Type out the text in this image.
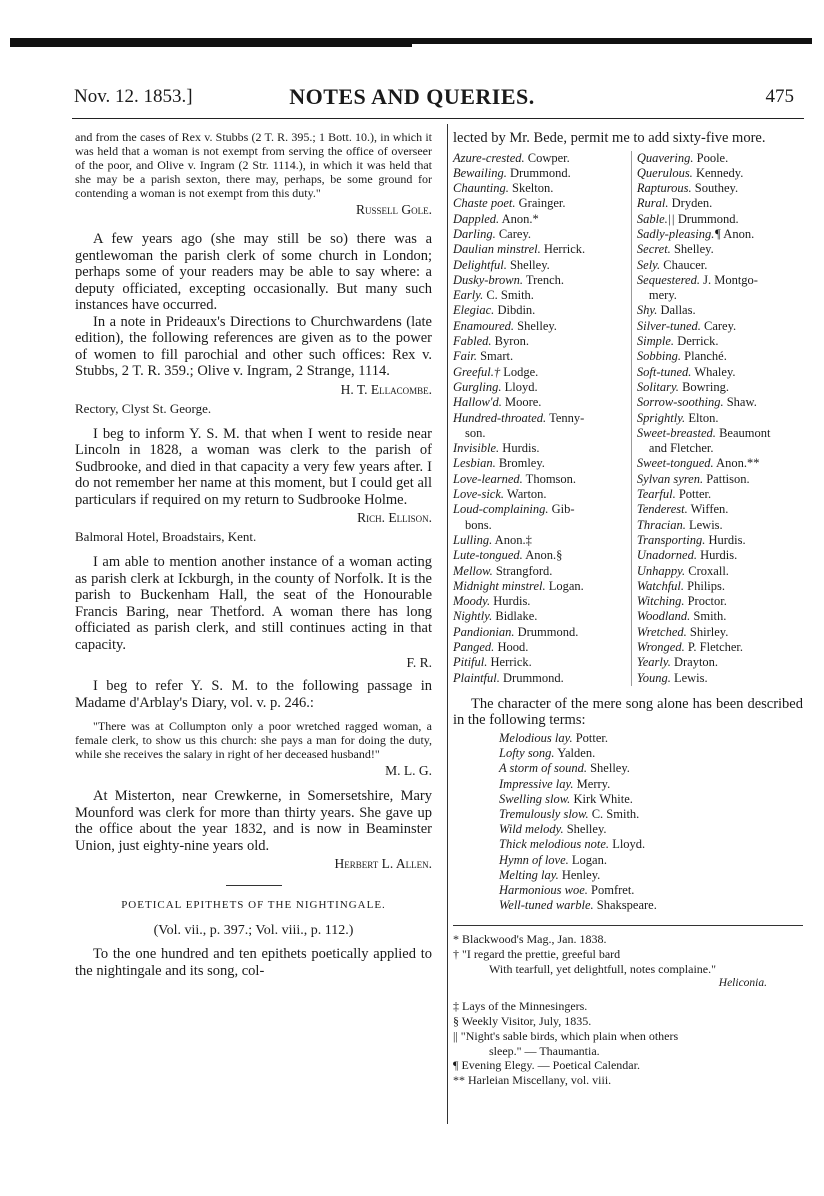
NOTES AND QUERIES.
Nov. 12. 1853.]	475

and from the cases of Rex v. Stubbs (2 T. R. 395.; 1 Bott. 10.), in which it was held that a woman is not exempt from serving the office of overseer of the poor, and Olive v. Ingram (2 Str. 1114.), in which it was held that she may be a parish sexton, there may, perhaps, be some ground for contending a woman is not exempt from this duty."

Russell Gole.

A few years ago (she may still be so) there was a gentlewoman the parish clerk of some church in London; perhaps some of your readers may be able to say where: a deputy officiated, excepting occasionally. But many such instances have occurred.

In a note in Prideaux's Directions to Churchwardens (late edition), the following references are given as to the power of women to fill parochial and other such offices: Rex v. Stubbs, 2 T. R. 359.; Olive v. Ingram, 2 Strange, 1114.

H. T. Ellacombe.
Rectory, Clyst St. George.

I beg to inform Y. S. M. that when I went to reside near Lincoln in 1828, a woman was clerk to the parish of Sudbrooke, and died in that capacity a very few years after. I do not remember her name at this moment, but I could get all particulars if required on my return to Sudbrooke Holme.

Rich. Ellison.
Balmoral Hotel, Broadstairs, Kent.

I am able to mention another instance of a woman acting as parish clerk at Ickburgh, in the county of Norfolk. It is the parish to Buckenham Hall, the seat of the Honourable Francis Baring, near Thetford. A woman there has long officiated as parish clerk, and still continues acting in that capacity.

F. R.

I beg to refer Y. S. M. to the following passage in Madame d'Arblay's Diary, vol. v. p. 246.:

"There was at Collumpton only a poor wretched ragged woman, a female clerk, to show us this church: she pays a man for doing the duty, while she receives the salary in right of her deceased husband!"

M. L. G.

At Misterton, near Crewkerne, in Somersetshire, Mary Mounford was clerk for more than thirty years. She gave up the office about the year 1832, and is now in Beaminster Union, just eighty-nine years old.

Herbert L. Allen.
POETICAL EPITHETS OF THE NIGHTINGALE.
(Vol. vii., p. 397.; Vol. viii., p. 112.)

To the one hundred and ten epithets poetically applied to the nightingale and its song, col-

lected by Mr. Bede, permit me to add sixty-five more.

Azure-crested. Cowper.
Bewailing. Drummond.
Chaunting. Skelton.
Chaste poet. Grainger.
Dappled. Anon.*
Darling. Carey.
Daulian minstrel. Herrick.
Delightful. Shelley.
Dusky-brown. Trench.
Early. C. Smith.
Elegiac. Dibdin.
Enamoured. Shelley.
Fabled. Byron.
Fair. Smart.
Greeful.† Lodge.
Gurgling. Lloyd.
Hallow'd. Moore.
Hundred-throated. Tenny-
son.
Invisible. Hurdis.
Lesbian. Bromley.
Love-learned. Thomson.
Love-sick. Warton.
Loud-complaining. Gib-
bons.
Lulling. Anon.‡
Lute-tongued. Anon.§
Mellow. Strangford.
Midnight minstrel. Logan.
Moody. Hurdis.
Nightly. Bidlake.
Pandionian. Drummond.
Panged. Hood.
Pitiful. Herrick.
Plaintful. Drummond.
Quavering. Poole.
Querulous. Kennedy.
Rapturous. Southey.
Rural. Dryden.
Sable.|| Drummond.
Sadly-pleasing.¶ Anon.
Secret. Shelley.
Sely. Chaucer.
Sequestered. J. Montgo-
mery.
Shy. Dallas.
Silver-tuned. Carey.
Simple. Derrick.
Sobbing. Planché.
Soft-tuned. Whaley.
Solitary. Bowring.
Sorrow-soothing. Shaw.
Sprightly. Elton.
Sweet-breasted. Beaumont
and Fletcher.
Sweet-tongued. Anon.**
Sylvan syren. Pattison.
Tearful. Potter.
Tenderest. Wiffen.
Thracian. Lewis.
Transporting. Hurdis.
Unadorned. Hurdis.
Unhappy. Croxall.
Watchful. Philips.
Witching. Proctor.
Woodland. Smith.
Wretched. Shirley.
Wronged. P. Fletcher.
Yearly. Drayton.
Young. Lewis.

The character of the mere song alone has been described in the following terms:

Melodious lay. Potter.
Lofty song. Yalden.
A storm of sound. Shelley.
Impressive lay. Merry.
Swelling slow. Kirk White.
Tremulously slow. C. Smith.
Wild melody. Shelley.
Thick melodious note. Lloyd.
Hymn of love. Logan.
Melting lay. Henley.
Harmonious woe. Pomfret.
Well-tuned warble. Shakspeare.
* Blackwood's Mag., Jan. 1838.
† "I regard the prettie, greeful bard
With tearfull, yet delightfull, notes complaine."
Heliconia.
‡ Lays of the Minnesingers.
§ Weekly Visitor, July, 1835.
|| "Night's sable birds, which plain when others
sleep." — Thaumantia.
¶ Evening Elegy. — Poetical Calendar.
** Harleian Miscellany, vol. viii.
